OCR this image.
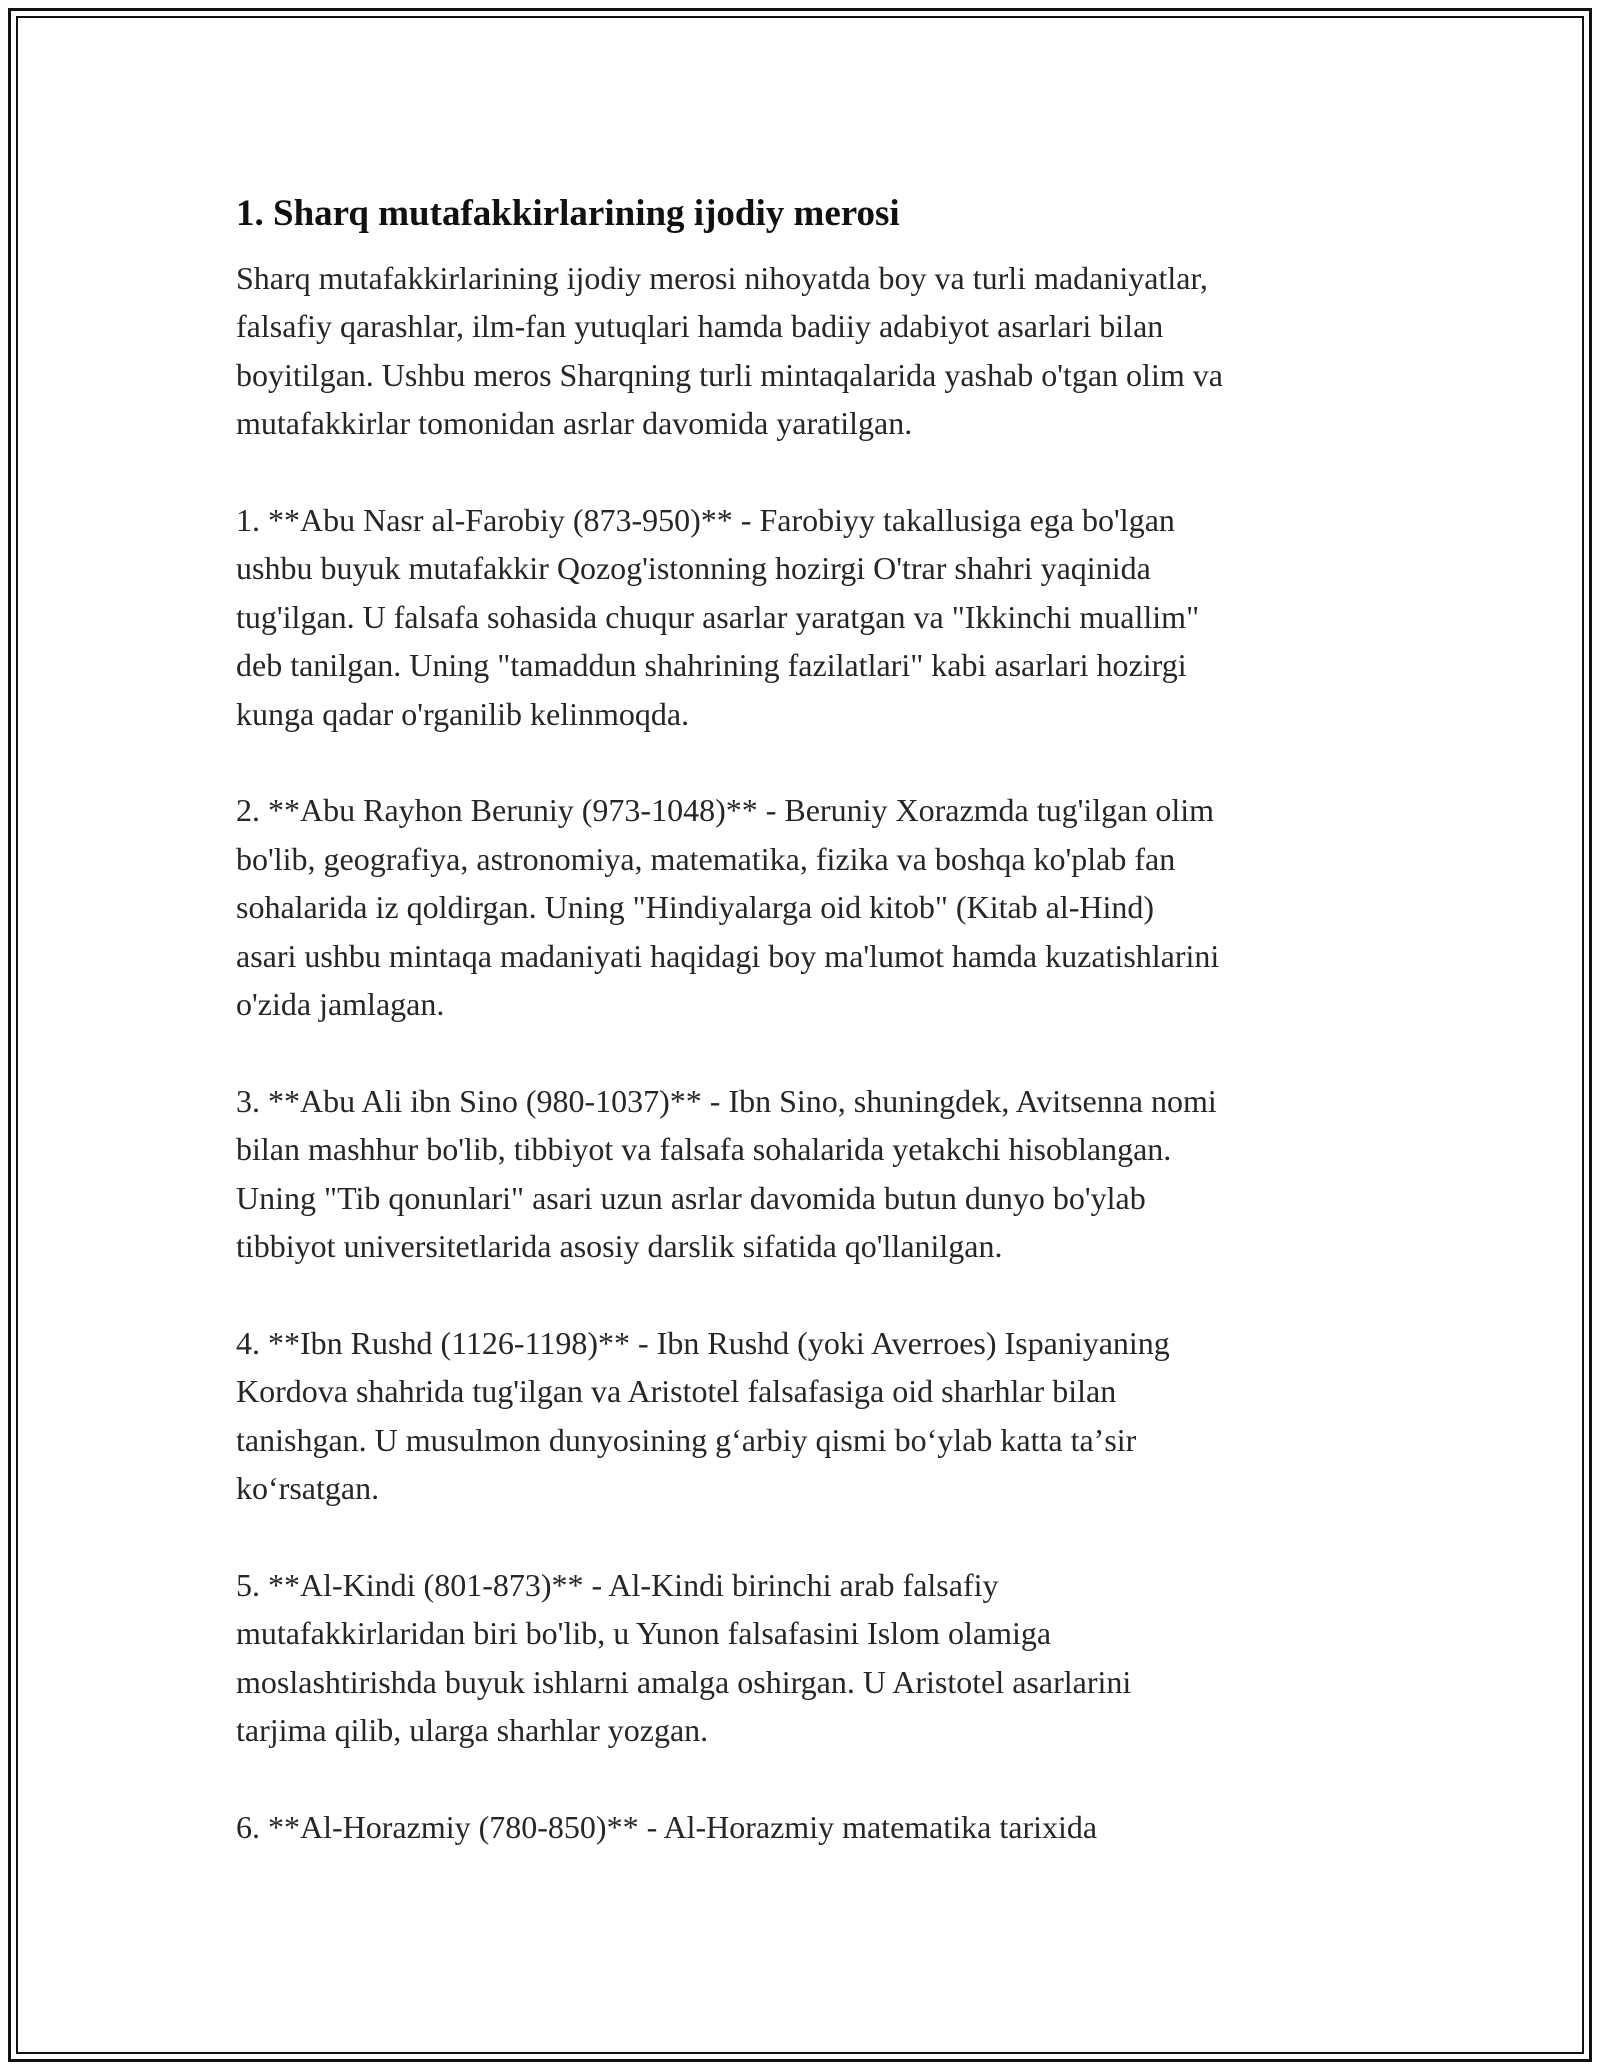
1. Sharq mutafakkirlarining ijodiy merosi

Sharq mutafakkirlarining ijodiy merosi nihoyatda boy va turli madaniyatlar,
falsafiy qarashlar, ilm-fan yutuqlari hamda badiiy adabiyot asarlari bilan
boyitilgan. Ushbu meros Sharqning turli mintaqalarida yashab o'tgan olim va
mutafakkirlar tomonidan asrlar davomida yaratilgan.

1. **Abu Nasr al-Farobiy (873-950)** - Farobiyy takallusiga ega bo'lgan
ushbu buyuk mutafakkir Qozog'istonning hozirgi O'trar shahri yaqinida
tug'ilgan. U falsafa sohasida chuqur asarlar yaratgan va "Ikkinchi muallim"
deb tanilgan. Uning "tamaddun shahrining fazilatlari" kabi asarlari hozirgi
kunga qadar o'rganilib kelinmoqda.

2. **Abu Rayhon Beruniy (973-1048)** - Beruniy Xorazmda tug'ilgan olim
bo'lib, geografiya, astronomiya, matematika, fizika va boshqa ko'plab fan
sohalarida iz qoldirgan. Uning "Hindiyalarga oid kitob" (Kitab al-Hind)
asari ushbu mintaqa madaniyati haqidagi boy ma'lumot hamda kuzatishlarini
o'zida jamlagan.

3. **Abu Ali ibn Sino (980-1037)** - Ibn Sino, shuningdek, Avitsenna nomi
bilan mashhur bo'lib, tibbiyot va falsafa sohalarida yetakchi hisoblangan.
Uning "Tib qonunlari" asari uzun asrlar davomida butun dunyo bo'ylab
tibbiyot universitetlarida asosiy darslik sifatida qo'llanilgan.

4. **Ibn Rushd (1126-1198)** - Ibn Rushd (yoki Averroes) Ispaniyaning
Kordova shahrida tug'ilgan va Aristotel falsafasiga oid sharhlar bilan
tanishgan. U musulmon dunyosining gʻarbiy qismi boʻylab katta taʼsir
koʻrsatgan.

5. **Al-Kindi (801-873)** - Al-Kindi birinchi arab falsafiy
mutafakkirlaridan biri bo'lib, u Yunon falsafasini Islom olamiga
moslashtirishda buyuk ishlarni amalga oshirgan. U Aristotel asarlarini
tarjima qilib, ularga sharhlar yozgan.

6. **Al-Horazmiy (780-850)** - Al-Horazmiy matematika tarixida
